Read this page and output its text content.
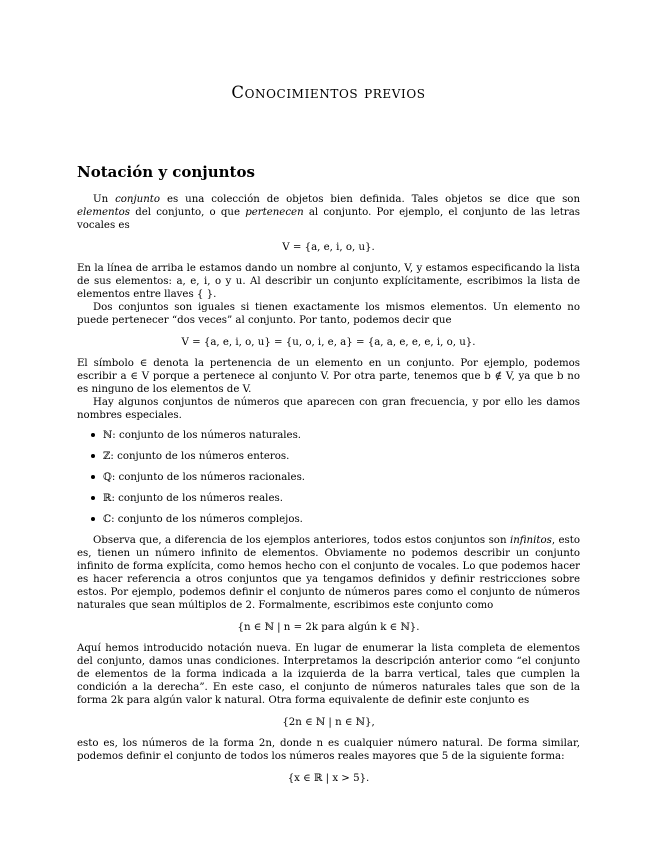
Conocimientos previos
Notación y conjuntos

Un conjunto es una colección de objetos bien definida. Tales objetos se dice que son elementos del conjunto, o que pertenecen al conjunto. Por ejemplo, el conjunto de las letras vocales es

V = {a, e, i, o, u}.

En la línea de arriba le estamos dando un nombre al conjunto, V, y estamos especificando la lista de sus elementos: a, e, i, o y u. Al describir un conjunto explícitamente, escribimos la lista de elementos entre llaves { }.

Dos conjuntos son iguales si tienen exactamente los mismos elementos. Un elemento no puede pertenecer “dos veces” al conjunto. Por tanto, podemos decir que

V = {a, e, i, o, u} = {u, o, i, e, a} = {a, a, e, e, e, i, o, u}.

El símbolo ∈ denota la pertenencia de un elemento en un conjunto. Por ejemplo, podemos escribir a ∈ V porque a pertenece al conjunto V. Por otra parte, tenemos que b ∉ V, ya que b no es ninguno de los elementos de V.

Hay algunos conjuntos de números que aparecen con gran frecuencia, y por ello les damos nombres especiales.

ℕ: conjunto de los números naturales.
ℤ: conjunto de los números enteros.
ℚ: conjunto de los números racionales.
ℝ: conjunto de los números reales.
ℂ: conjunto de los números complejos.

Observa que, a diferencia de los ejemplos anteriores, todos estos conjuntos son infinitos, esto es, tienen un número infinito de elementos. Obviamente no podemos describir un conjunto infinito de forma explícita, como hemos hecho con el conjunto de vocales. Lo que podemos hacer es hacer referencia a otros conjuntos que ya tengamos definidos y definir restricciones sobre estos. Por ejemplo, podemos definir el conjunto de números pares como el conjunto de números naturales que sean múltiplos de 2. Formalmente, escribimos este conjunto como

{n ∈ ℕ | n = 2k para algún k ∈ ℕ}.

Aquí hemos introducido notación nueva. En lugar de enumerar la lista completa de elementos del conjunto, damos unas condiciones. Interpretamos la descripción anterior como “el conjunto de elementos de la forma indicada a la izquierda de la barra vertical, tales que cumplen la condición a la derecha”. En este caso, el conjunto de números naturales tales que son de la forma 2k para algún valor k natural. Otra forma equivalente de definir este conjunto es

{2n ∈ ℕ | n ∈ ℕ},

esto es, los números de la forma 2n, donde n es cualquier número natural. De forma similar, podemos definir el conjunto de todos los números reales mayores que 5 de la siguiente forma:

{x ∈ ℝ | x > 5}.
